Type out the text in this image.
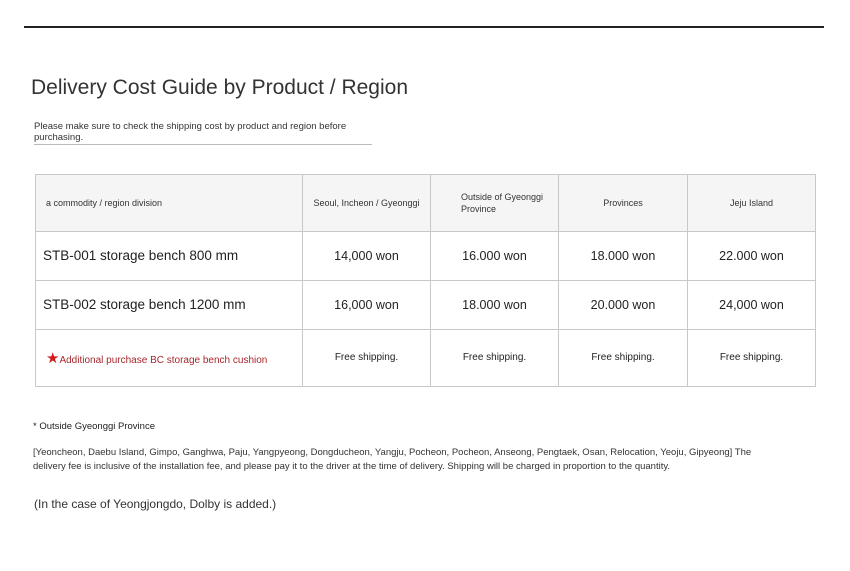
Delivery Cost Guide by Product / Region
Please make sure to check the shipping cost by product and region before purchasing.
a commodity / region division	Seoul, Incheon / Gyeonggi	Outside of Gyeonggi Province	Provinces	Jeju Island
STB-001 storage bench 800 mm	14,000 won	16.000 won	18.000 won	22.000 won
STB-002 storage bench 1200 mm	16,000 won	18.000 won	20.000 won	24,000 won
★Additional purchase BC storage bench cushion	Free shipping.	Free shipping.	Free shipping.	Free shipping.
* Outside Gyeonggi Province
[Yeoncheon, Daebu Island, Gimpo, Ganghwa, Paju, Yangpyeong, Dongducheon, Yangju, Pocheon, Pocheon, Anseong, Pengtaek, Osan, Relocation, Yeoju, Gipyeong] The delivery fee is inclusive of the installation fee, and please pay it to the driver at the time of delivery. Shipping will be charged in proportion to the quantity.
(In the case of Yeongjongdo, Dolby is added.)
